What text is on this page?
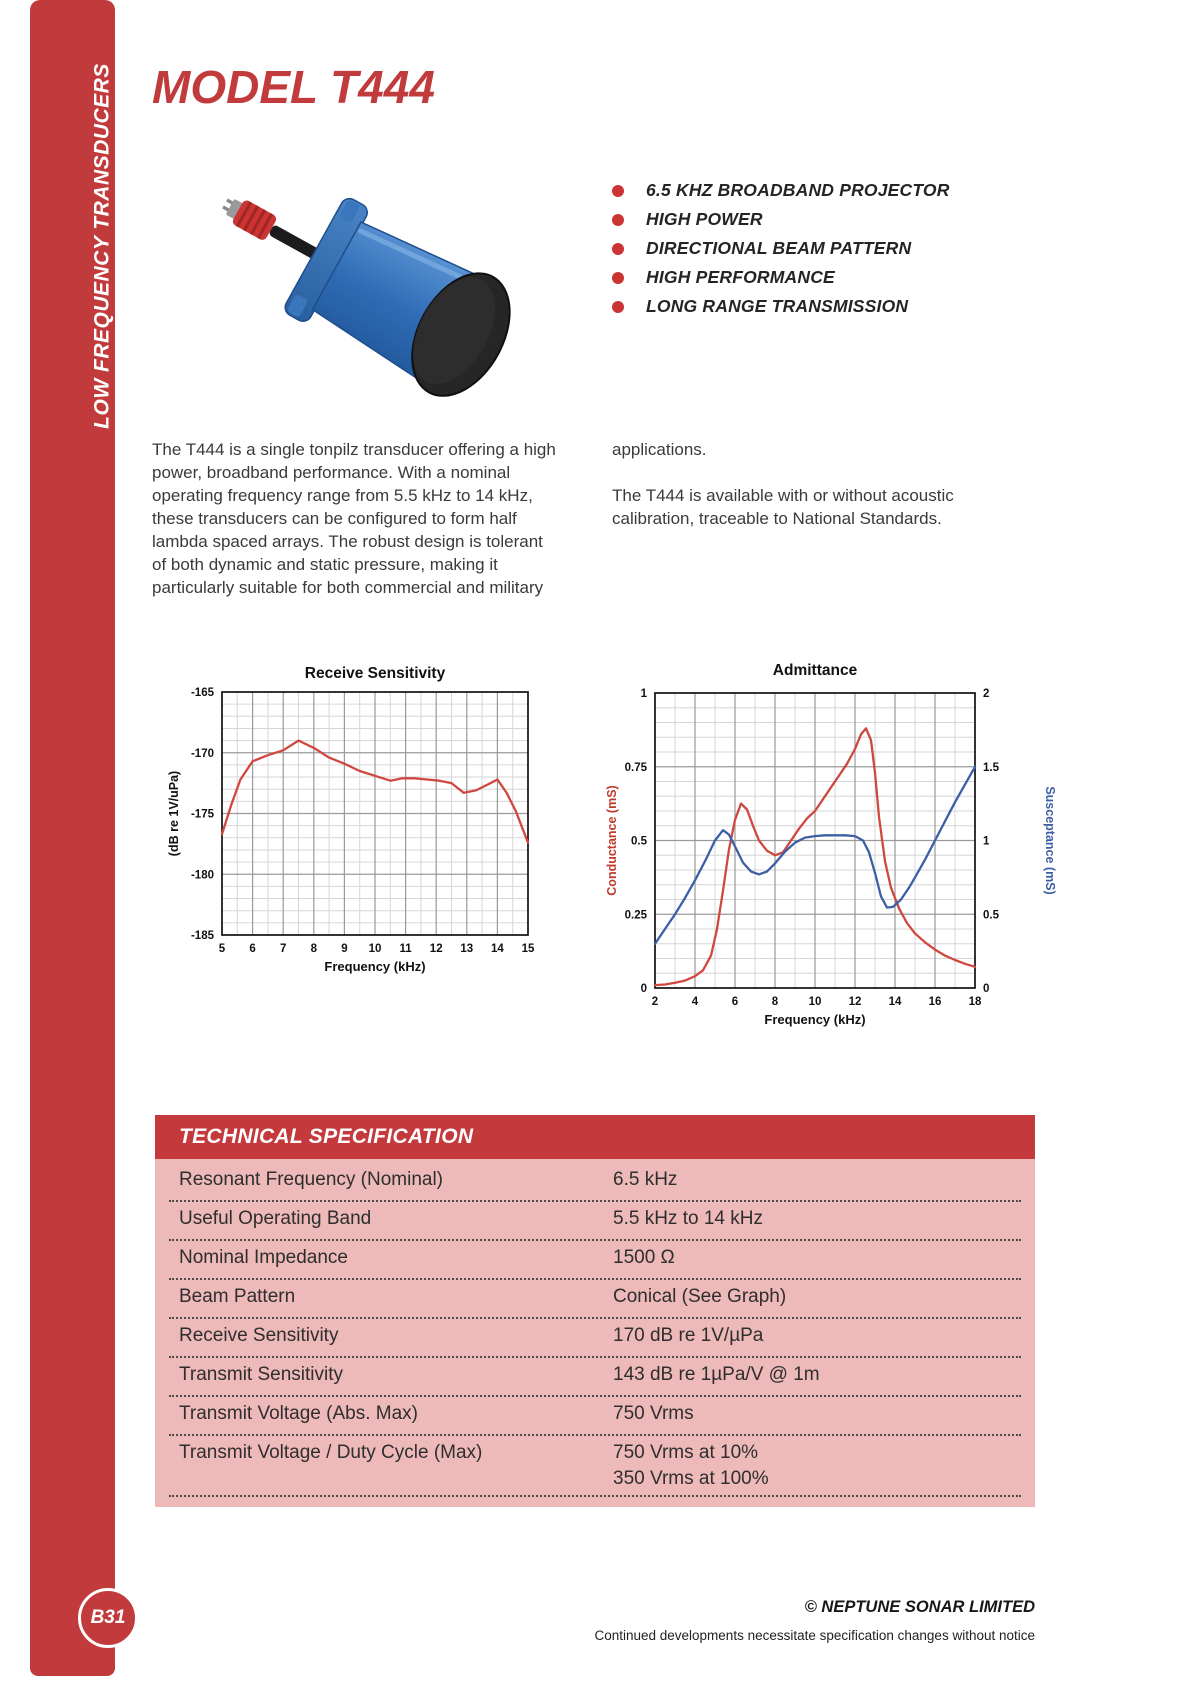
LOW FREQUENCY TRANSDUCERS MODEL T444
6.5 KHZ BROADBAND PROJECTOR
HIGH POWER
DIRECTIONAL BEAM PATTERN
HIGH PERFORMANCE
LONG RANGE TRANSMISSION
The T444 is a single tonpilz transducer offering a high power, broadband performance. With a nominal operating frequency range from 5.5 kHz to 14 kHz, these transducers can be configured to form half lambda spaced arrays. The robust design is tolerant of both dynamic and static pressure, making it particularly suitable for both commercial and military

applications.

The T444 is available with or without acoustic calibration, traceable to National Standards.

5 6 7 8 9 10 11 12 13 14 15
-165
-170
-175
-180
-185
Receive Sensitivity
Frequency (kHz)
(dB re 1V/uPa)
2	4	6	8	10 12 14 16 18
0
0.25
0.5
0.75
1
0
0.5
1
1.5
2
Admittance
Frequency (kHz)
Conductance (mS)	Susceptance (mS)
TECHNICAL SPECIFICATION
Resonant Frequency (Nominal)	6.5 kHz
Useful Operating Band	5.5 kHz to 14 kHz
Nominal Impedance	1500 Ω
Beam Pattern	Conical (See Graph)
Receive Sensitivity	170 dB re 1V/µPa
Transmit Sensitivity	143 dB re 1µPa/V @ 1m
Transmit Voltage (Abs. Max)	750 Vrms
Transmit Voltage / Duty Cycle (Max)	750 Vrms at 10%
350 Vrms at 100%
B31	© NEPTUNE SONAR LIMITED
Continued developments necessitate specification changes without notice
